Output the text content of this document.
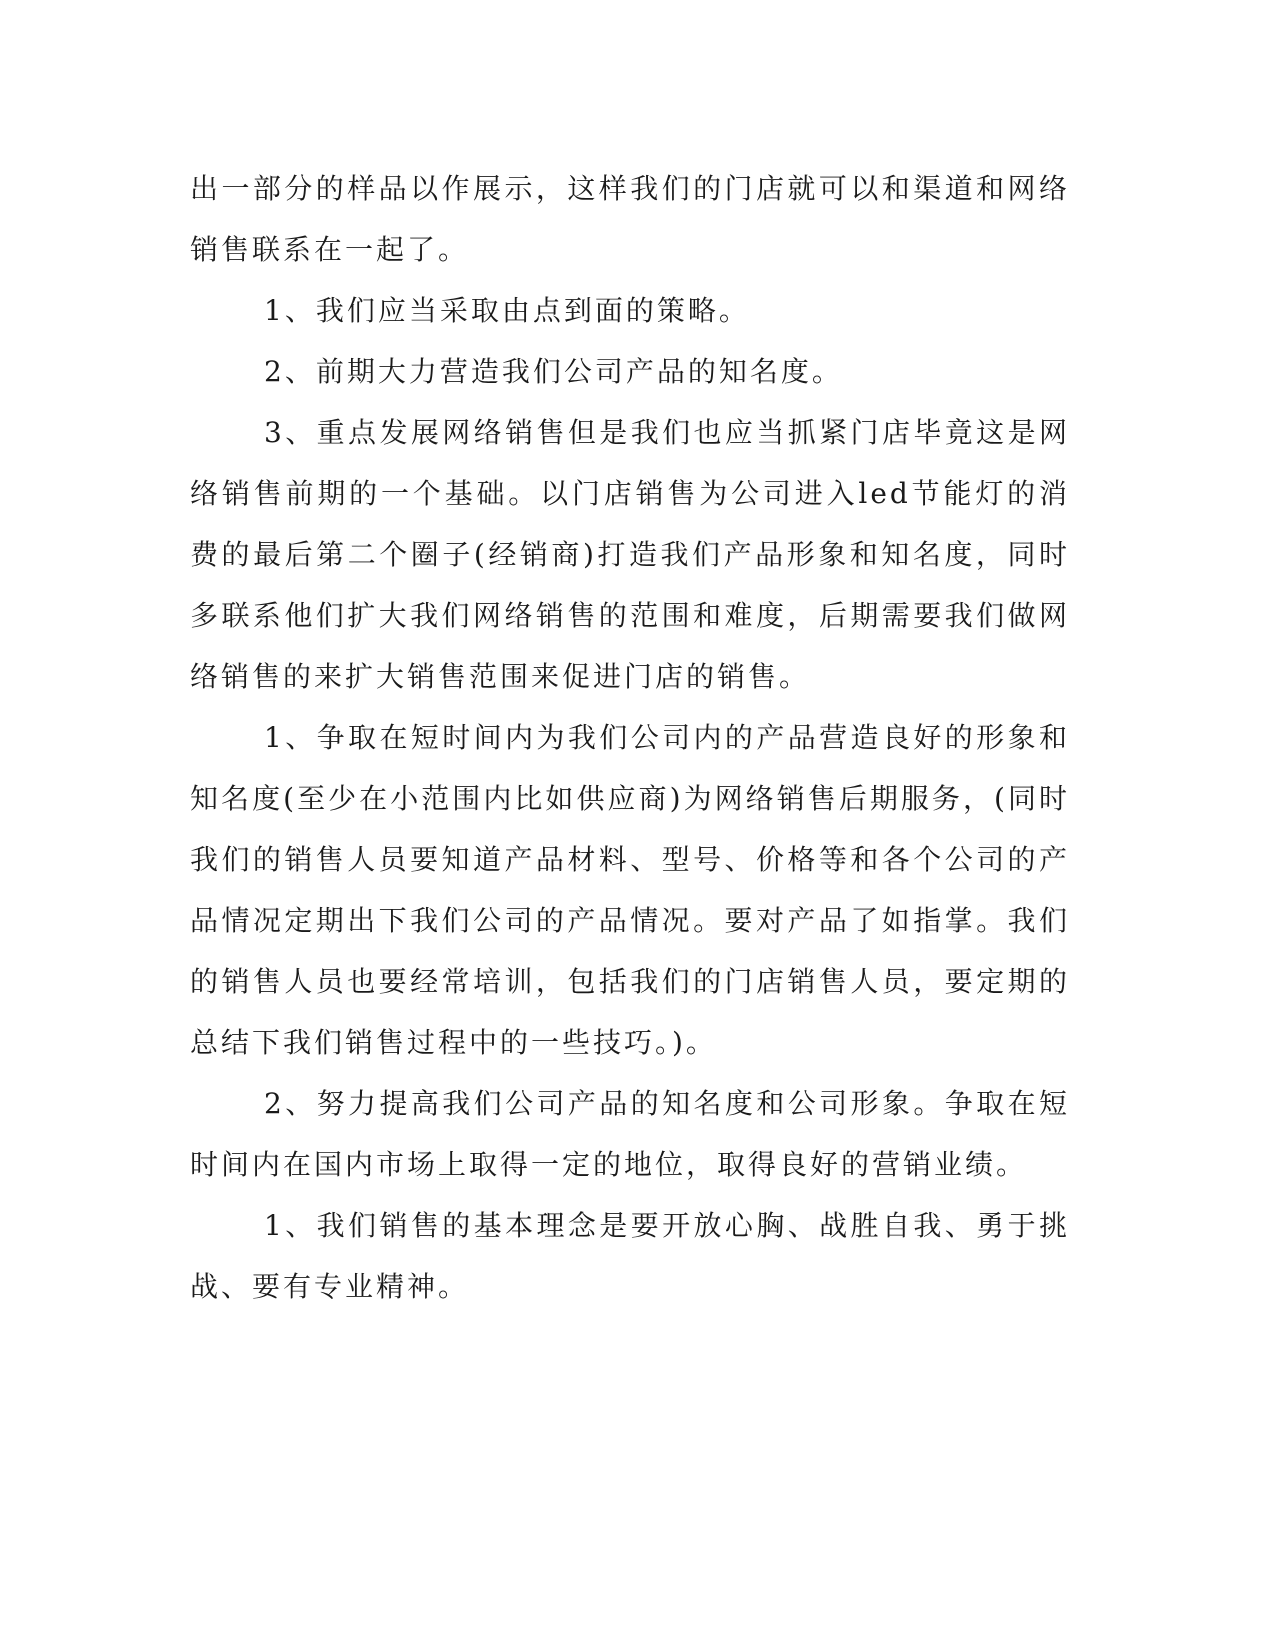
出一部分的样品以作展示，这样我们的门店就可以和渠道和网络销售联系在一起了。

1、我们应当采取由点到面的策略。

2、前期大力营造我们公司产品的知名度。

3、重点发展网络销售但是我们也应当抓紧门店毕竟这是网络销售前期的一个基础。以门店销售为公司进入led节能灯的消费的最后第二个圈子(经销商)打造我们产品形象和知名度，同时多联系他们扩大我们网络销售的范围和难度，后期需要我们做网络销售的来扩大销售范围来促进门店的销售。

1、争取在短时间内为我们公司内的产品营造良好的形象和知名度(至少在小范围内比如供应商)为网络销售后期服务，(同时我们的销售人员要知道产品材料、型号、价格等和各个公司的产品情况定期出下我们公司的产品情况。要对产品了如指掌。我们的销售人员也要经常培训，包括我们的门店销售人员，要定期的总结下我们销售过程中的一些技巧。)。

2、努力提高我们公司产品的知名度和公司形象。争取在短时间内在国内市场上取得一定的地位，取得良好的营销业绩。

1、我们销售的基本理念是要开放心胸、战胜自我、勇于挑战、要有专业精神。
